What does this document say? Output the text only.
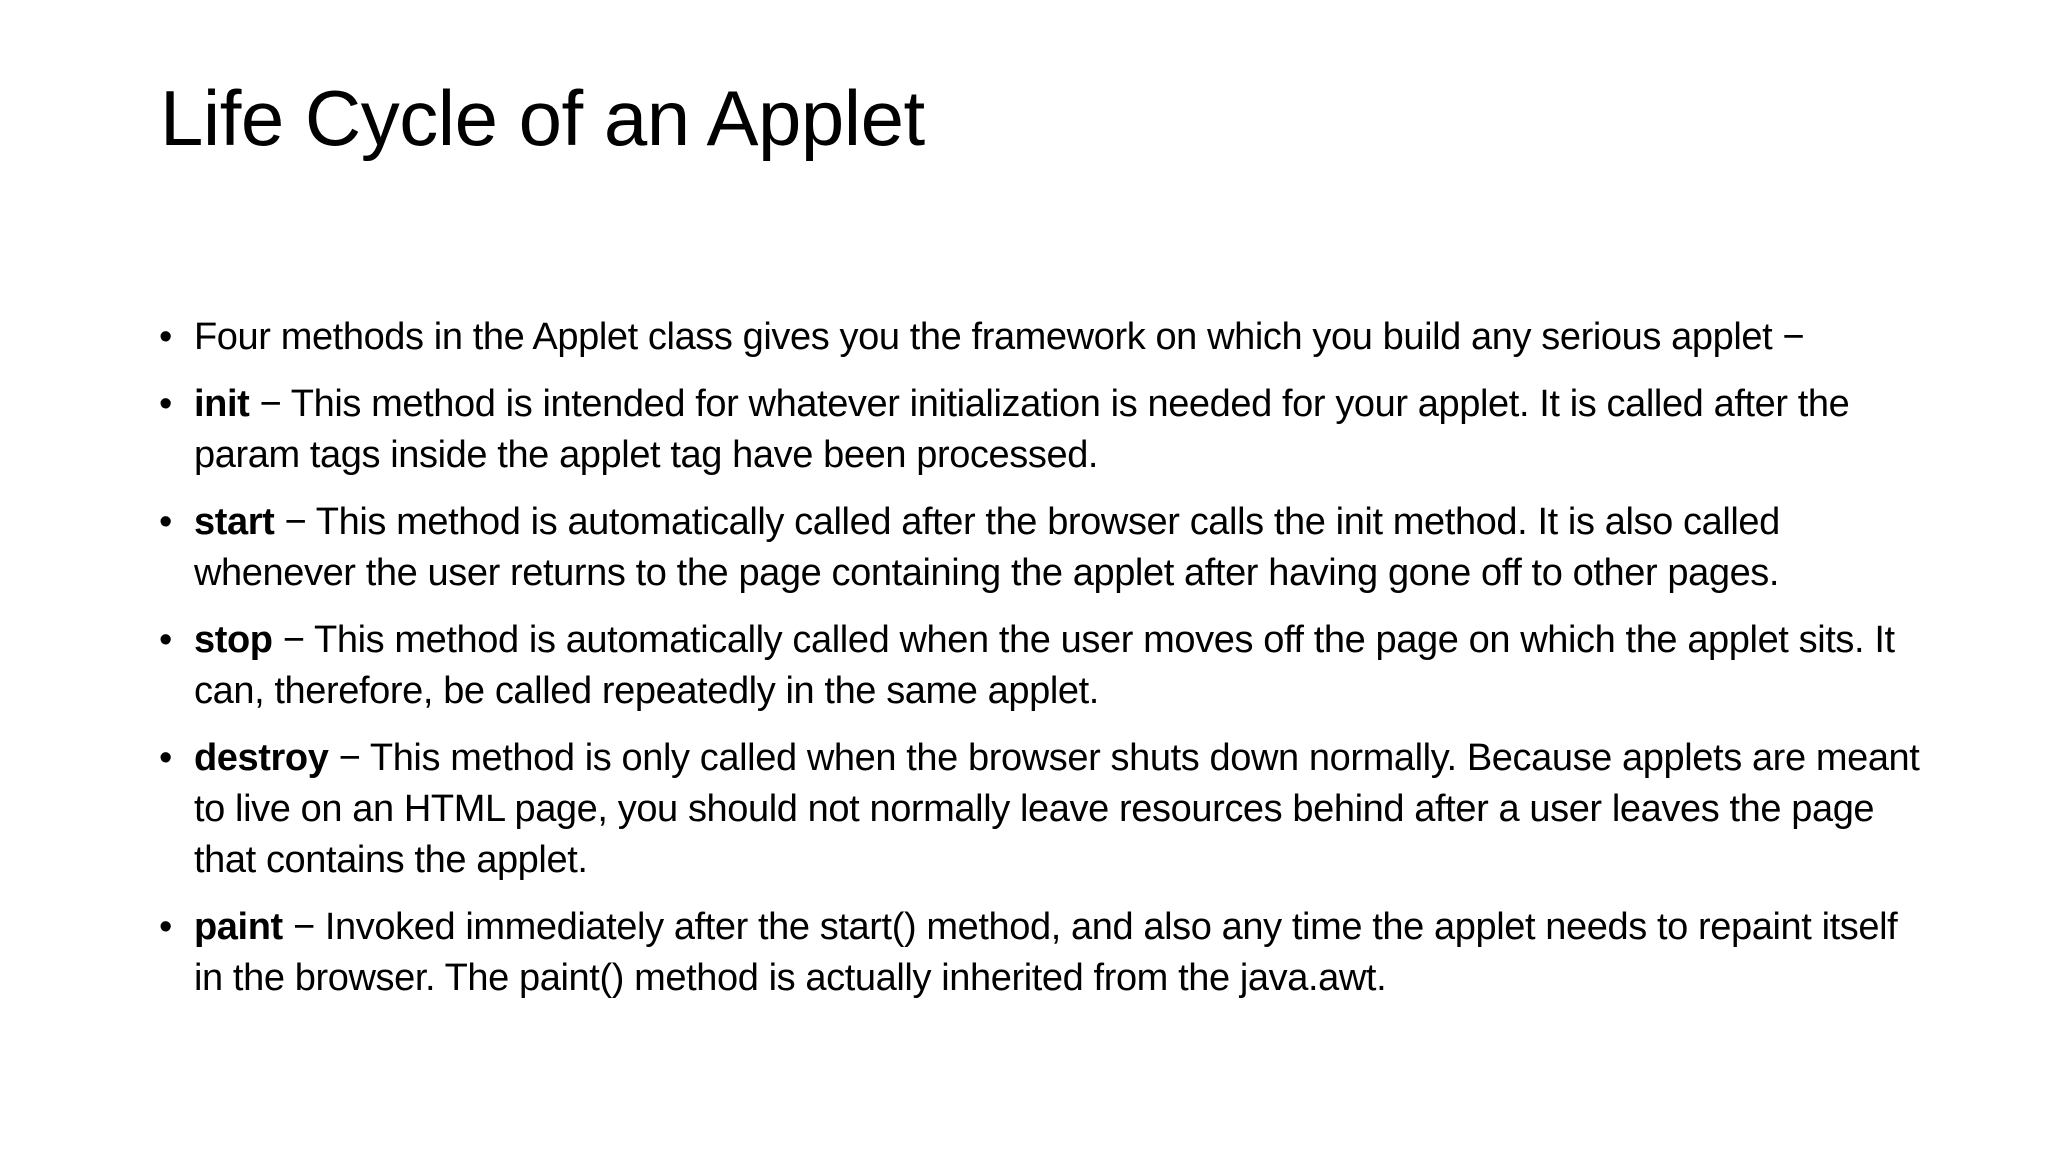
Life Cycle of an Applet
• Four methods in the Applet class gives you the framework on which you build any serious applet −
• init − This method is intended for whatever initialization is needed for your applet. It is called after the param tags inside the applet tag have been processed.
• start − This method is automatically called after the browser calls the init method. It is also called whenever the user returns to the page containing the applet after having gone off to other pages.
• stop − This method is automatically called when the user moves off the page on which the applet sits. It can, therefore, be called repeatedly in the same applet.
• destroy − This method is only called when the browser shuts down normally. Because applets are meant to live on an HTML page, you should not normally leave resources behind after a user leaves the page that contains the applet.
• paint − Invoked immediately after the start() method, and also any time the applet needs to repaint itself in the browser. The paint() method is actually inherited from the java.awt.
